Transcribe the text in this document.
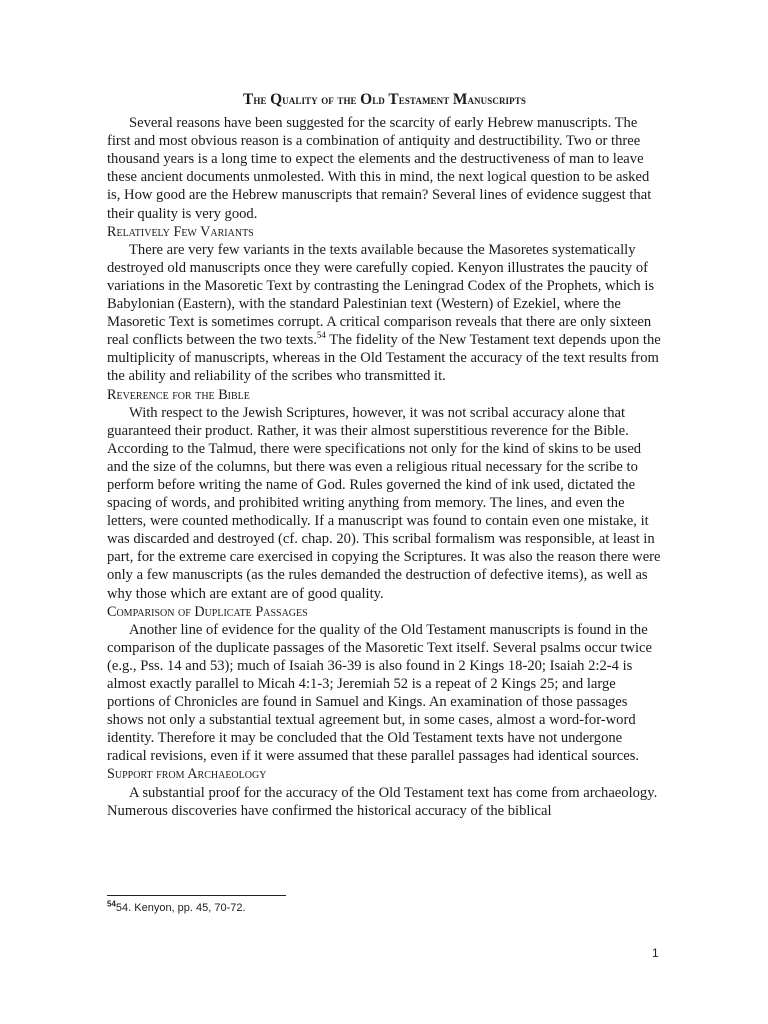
The Quality of the Old Testament Manuscripts

Several reasons have been suggested for the scarcity of early Hebrew manuscripts. The first and most obvious reason is a combination of antiquity and destructibility. Two or three thousand years is a long time to expect the elements and the destructiveness of man to leave these ancient documents unmolested. With this in mind, the next logical question to be asked is, How good are the Hebrew manuscripts that remain? Several lines of evidence suggest that their quality is very good.

Relatively Few Variants

There are very few variants in the texts available because the Masoretes systematically destroyed old manuscripts once they were carefully copied. Kenyon illustrates the paucity of variations in the Masoretic Text by contrasting the Leningrad Codex of the Prophets, which is Babylonian (Eastern), with the standard Palestinian text (Western) of Ezekiel, where the Masoretic Text is sometimes corrupt. A critical comparison reveals that there are only sixteen real conflicts between the two texts.$^{54}$ The fidelity of the New Testament text depends upon the multiplicity of manuscripts, whereas in the Old Testament the accuracy of the text results from the ability and reliability of the scribes who transmitted it.

Reverence for the Bible

With respect to the Jewish Scriptures, however, it was not scribal accuracy alone that guaranteed their product. Rather, it was their almost superstitious reverence for the Bible. According to the Talmud, there were specifications not only for the kind of skins to be used and the size of the columns, but there was even a religious ritual necessary for the scribe to perform before writing the name of God. Rules governed the kind of ink used, dictated the spacing of words, and prohibited writing anything from memory. The lines, and even the letters, were counted methodically. If a manuscript was found to contain even one mistake, it was discarded and destroyed (cf. chap. 20). This scribal formalism was responsible, at least in part, for the extreme care exercised in copying the Scriptures. It was also the reason there were only a few manuscripts (as the rules demanded the destruction of defective items), as well as why those which are extant are of good quality.

Comparison of Duplicate Passages

Another line of evidence for the quality of the Old Testament manuscripts is found in the comparison of the duplicate passages of the Masoretic Text itself. Several psalms occur twice (e.g., Pss. 14 and 53); much of Isaiah 36-39 is also found in 2 Kings 18-20; Isaiah 2:2-4 is almost exactly parallel to Micah 4:1-3; Jeremiah 52 is a repeat of 2 Kings 25; and large portions of Chronicles are found in Samuel and Kings. An examination of those passages shows not only a substantial textual agreement but, in some cases, almost a word-for-word identity. Therefore it may be concluded that the Old Testament texts have not undergone radical revisions, even if it were assumed that these parallel passages had identical sources.

Support from Archaeology

A substantial proof for the accuracy of the Old Testament text has come from archaeology. Numerous discoveries have confirmed the historical accuracy of the biblical

$^{54}$54. Kenyon, pp. 45, 70-72.
1
